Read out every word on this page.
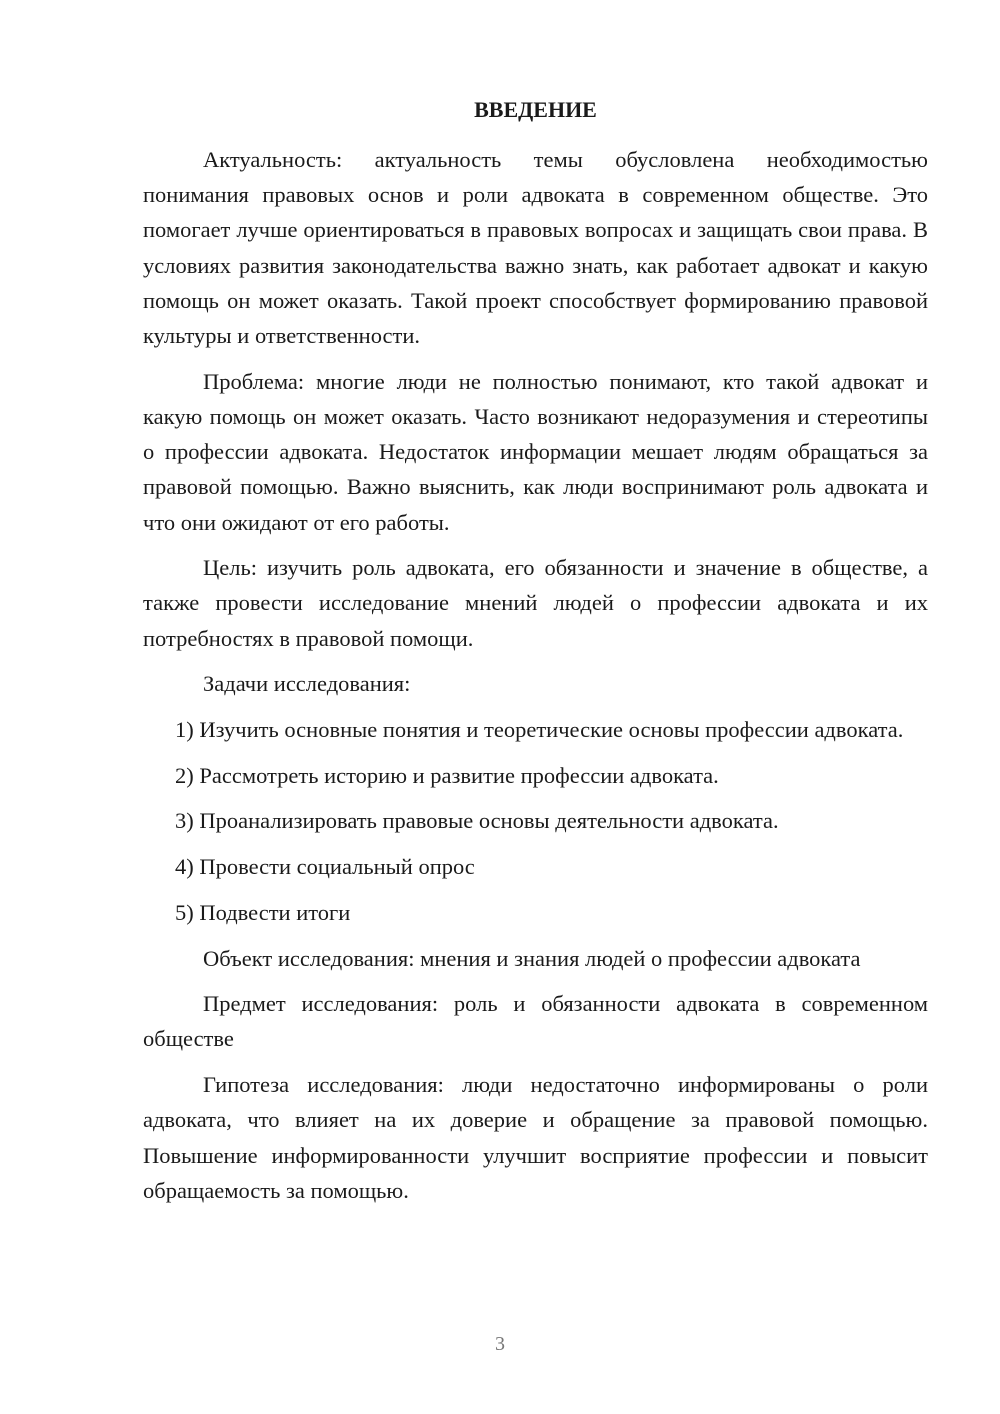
ВВЕДЕНИЕ

Актуальность: актуальность темы обусловлена необходимостью понимания правовых основ и роли адвоката в современном обществе. Это помогает лучше ориентироваться в правовых вопросах и защищать свои права. В условиях развития законодательства важно знать, как работает адвокат и какую помощь он может оказать. Такой проект способствует формированию правовой культуры и ответственности.

Проблема: многие люди не полностью понимают, кто такой адвокат и какую помощь он может оказать. Часто возникают недоразумения и стереотипы о профессии адвоката. Недостаток информации мешает людям обращаться за правовой помощью. Важно выяснить, как люди воспринимают роль адвоката и что они ожидают от его работы.

Цель: изучить роль адвоката, его обязанности и значение в обществе, а также провести исследование мнений людей о профессии адвоката и их потребностях в правовой помощи.

Задачи исследования:

1) Изучить основные понятия и теоретические основы профессии адвоката.

2) Рассмотреть историю и развитие профессии адвоката.

3) Проанализировать правовые основы деятельности адвоката.

4) Провести социальный опрос

5) Подвести итоги

Объект исследования: мнения и знания людей о профессии адвоката

Предмет исследования: роль и обязанности адвоката в современном обществе

Гипотеза исследования: люди недостаточно информированы о роли адвоката, что влияет на их доверие и обращение за правовой помощью. Повышение информированности улучшит восприятие профессии и повысит обращаемость за помощью.

3
